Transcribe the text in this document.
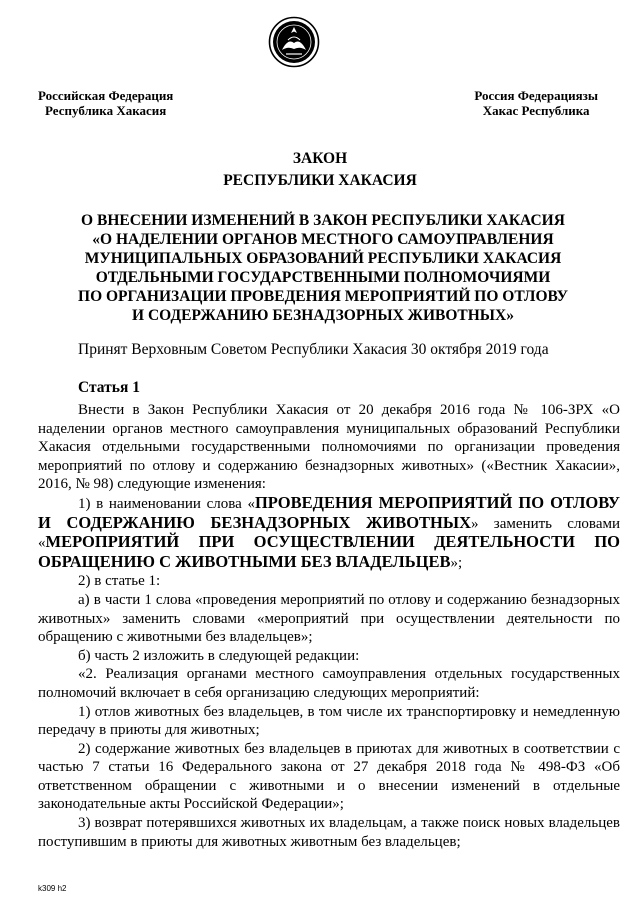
Российская Федерация
Республика Хакасия
Россия Федерациязы
Хакас Республика
ЗАКОН
РЕСПУБЛИКИ ХАКАСИЯ
О ВНЕСЕНИИ ИЗМЕНЕНИЙ В ЗАКОН РЕСПУБЛИКИ ХАКАСИЯ
«О НАДЕЛЕНИИ ОРГАНОВ МЕСТНОГО САМОУПРАВЛЕНИЯ
МУНИЦИПАЛЬНЫХ ОБРАЗОВАНИЙ РЕСПУБЛИКИ ХАКАСИЯ
ОТДЕЛЬНЫМИ ГОСУДАРСТВЕННЫМИ ПОЛНОМОЧИЯМИ
ПО ОРГАНИЗАЦИИ ПРОВЕДЕНИЯ МЕРОПРИЯТИЙ ПО ОТЛОВУ
И СОДЕРЖАНИЮ БЕЗНАДЗОРНЫХ ЖИВОТНЫХ»
Принят Верховным Советом Республики Хакасия 30 октября 2019 года
Статья 1

Внести в Закон Республики Хакасия от 20 декабря 2016 года № 106-ЗРХ «О наделении органов местного самоуправления муниципальных образований Республики Хакасия отдельными государственными полномочиями по организации проведения мероприятий по отлову и содержанию безнадзорных животных» («Вестник Хакасии», 2016, № 98) следующие изменения:

1) в наименовании слова «ПРОВЕДЕНИЯ МЕРОПРИЯТИЙ ПО ОТЛОВУ И СОДЕРЖАНИЮ БЕЗНАДЗОРНЫХ ЖИВОТНЫХ» заменить словами «МЕРОПРИЯТИЙ ПРИ ОСУЩЕСТВЛЕНИИ ДЕЯТЕЛЬНОСТИ ПО ОБРАЩЕНИЮ С ЖИВОТНЫМИ БЕЗ ВЛАДЕЛЬЦЕВ»;

2) в статье 1:

а) в части 1 слова «проведения мероприятий по отлову и содержанию безнадзорных животных» заменить словами «мероприятий при осуществлении деятельности по обращению с животными без владельцев»;

б) часть 2 изложить в следующей редакции:

«2. Реализация органами местного самоуправления отдельных государственных полномочий включает в себя организацию следующих мероприятий:

1) отлов животных без владельцев, в том числе их транспортировку и немедленную передачу в приюты для животных;

2) содержание животных без владельцев в приютах для животных в соответствии с частью 7 статьи 16 Федерального закона от 27 декабря 2018 года № 498-ФЗ «Об ответственном обращении с животными и о внесении изменений в отдельные законодательные акты Российской Федерации»;

3) возврат потерявшихся животных их владельцам, а также поиск новых владельцев поступившим в приюты для животных животным без владельцев;

k309 h2
